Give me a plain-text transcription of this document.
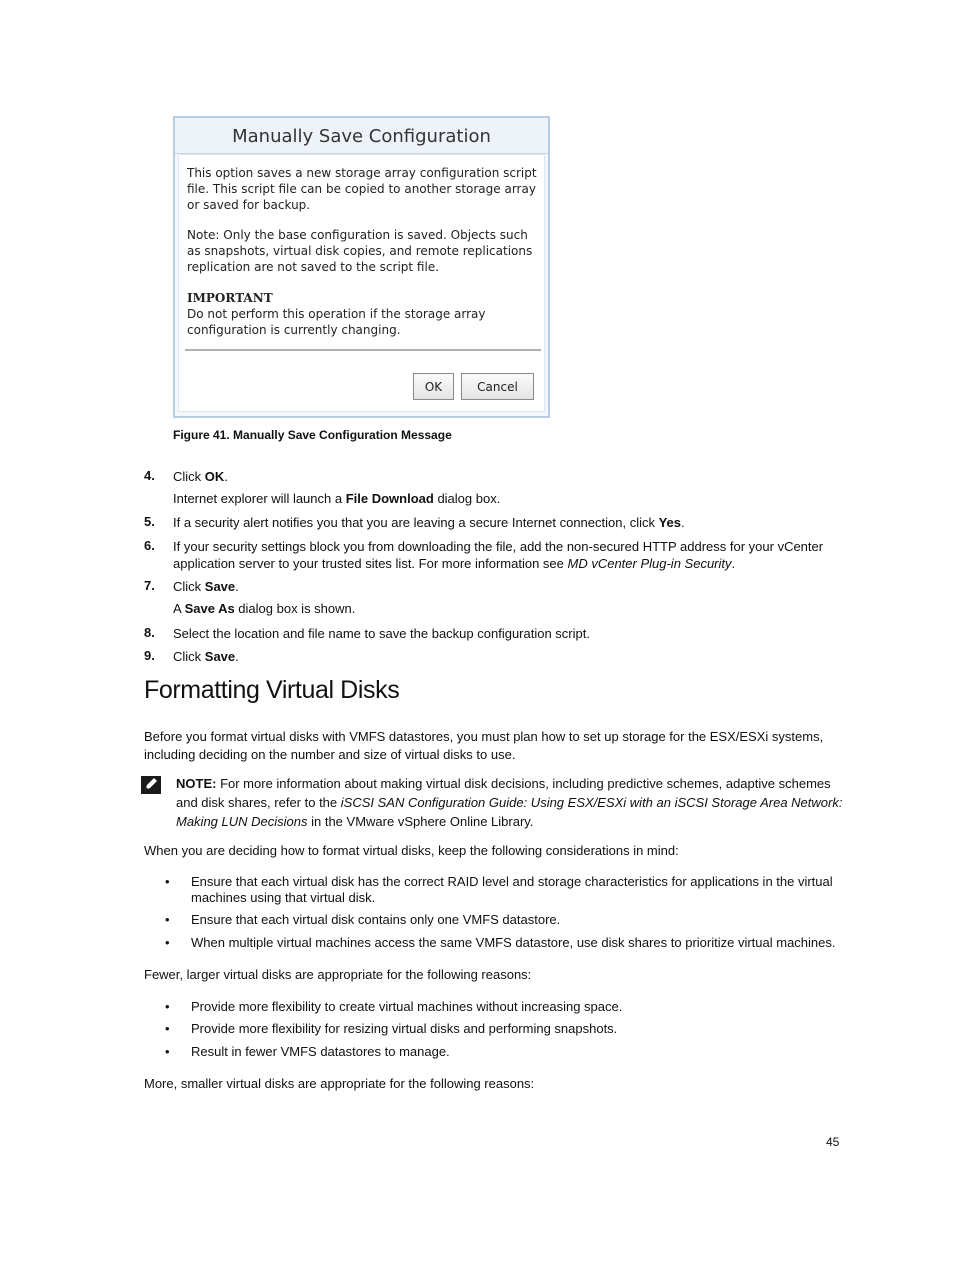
Manually Save Configuration
This option saves a new storage array configuration script file. This script file can be copied to another storage array or saved for backup.
Note: Only the base configuration is saved. Objects such as snapshots, virtual disk copies, and remote replications replication are not saved to the script file.
IMPORTANT
Do not perform this operation if the storage array configuration is currently changing.
OK	Cancel
Figure 41. Manually Save Configuration Message
4. Click OK.
Internet explorer will launch a File Download dialog box.
5. If a security alert notifies you that you are leaving a secure Internet connection, click Yes.
6. If your security settings block you from downloading the file, add the non-secured HTTP address for your vCenter application server to your trusted sites list. For more information see MD vCenter Plug-in Security.
7. Click Save.
A Save As dialog box is shown.
8. Select the location and file name to save the backup configuration script.
9. Click Save.
Formatting Virtual Disks
Before you format virtual disks with VMFS datastores, you must plan how to set up storage for the ESX/ESXi systems, including deciding on the number and size of virtual disks to use.
NOTE: For more information about making virtual disk decisions, including predictive schemes, adaptive schemes and disk shares, refer to the iSCSI SAN Configuration Guide: Using ESX/ESXi with an iSCSI Storage Area Network: Making LUN Decisions in the VMware vSphere Online Library.
When you are deciding how to format virtual disks, keep the following considerations in mind:
• Ensure that each virtual disk has the correct RAID level and storage characteristics for applications in the virtual machines using that virtual disk.
• Ensure that each virtual disk contains only one VMFS datastore.
• When multiple virtual machines access the same VMFS datastore, use disk shares to prioritize virtual machines.
Fewer, larger virtual disks are appropriate for the following reasons:
• Provide more flexibility to create virtual machines without increasing space.
• Provide more flexibility for resizing virtual disks and performing snapshots.
• Result in fewer VMFS datastores to manage.
More, smaller virtual disks are appropriate for the following reasons:
45
